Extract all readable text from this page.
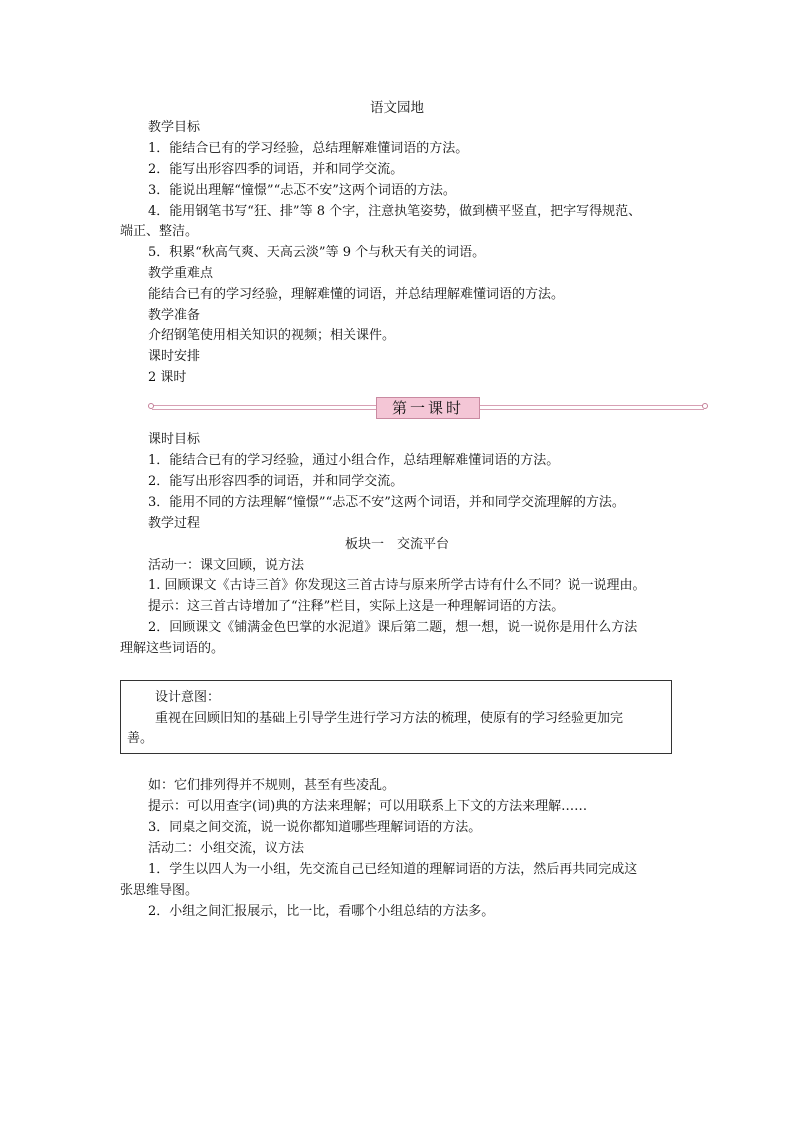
语文园地
教学目标
1．能结合已有的学习经验，总结理解难懂词语的方法。
2．能写出形容四季的词语，并和同学交流。
3．能说出理解“憧憬”“忐忑不安”这两个词语的方法。
4．能用钢笔书写“狂、排”等 8 个字，注意执笔姿势，做到横平竖直，把字写得规范、
端正、整洁。
5．积累“秋高气爽、天高云淡”等 9 个与秋天有关的词语。
教学重难点
能结合已有的学习经验，理解难懂的词语，并总结理解难懂词语的方法。
教学准备
介绍钢笔使用相关知识的视频；相关课件。
课时安排
2 课时
第一课时
课时目标
1．能结合已有的学习经验，通过小组合作，总结理解难懂词语的方法。
2．能写出形容四季的词语，并和同学交流。
3．能用不同的方法理解“憧憬”“忐忑不安”这两个词语，并和同学交流理解的方法。
教学过程
板块一　交流平台
活动一：课文回顾，说方法
1. 回顾课文《古诗三首》你发现这三首古诗与原来所学古诗有什么不同？说一说理由。
提示：这三首古诗增加了“注释”栏目，实际上这是一种理解词语的方法。
2．回顾课文《铺满金色巴掌的水泥道》课后第二题，想一想，说一说你是用什么方法
理解这些词语的。
设计意图：
重视在回顾旧知的基础上引导学生进行学习方法的梳理，使原有的学习经验更加完
善。
如：它们排列得并不规则，甚至有些凌乱。
提示：可以用查字(词)典的方法来理解；可以用联系上下文的方法来理解……
3．同桌之间交流，说一说你都知道哪些理解词语的方法。
活动二：小组交流，议方法
1．学生以四人为一小组，先交流自己已经知道的理解词语的方法，然后再共同完成这
张思维导图。
2．小组之间汇报展示，比一比，看哪个小组总结的方法多。
